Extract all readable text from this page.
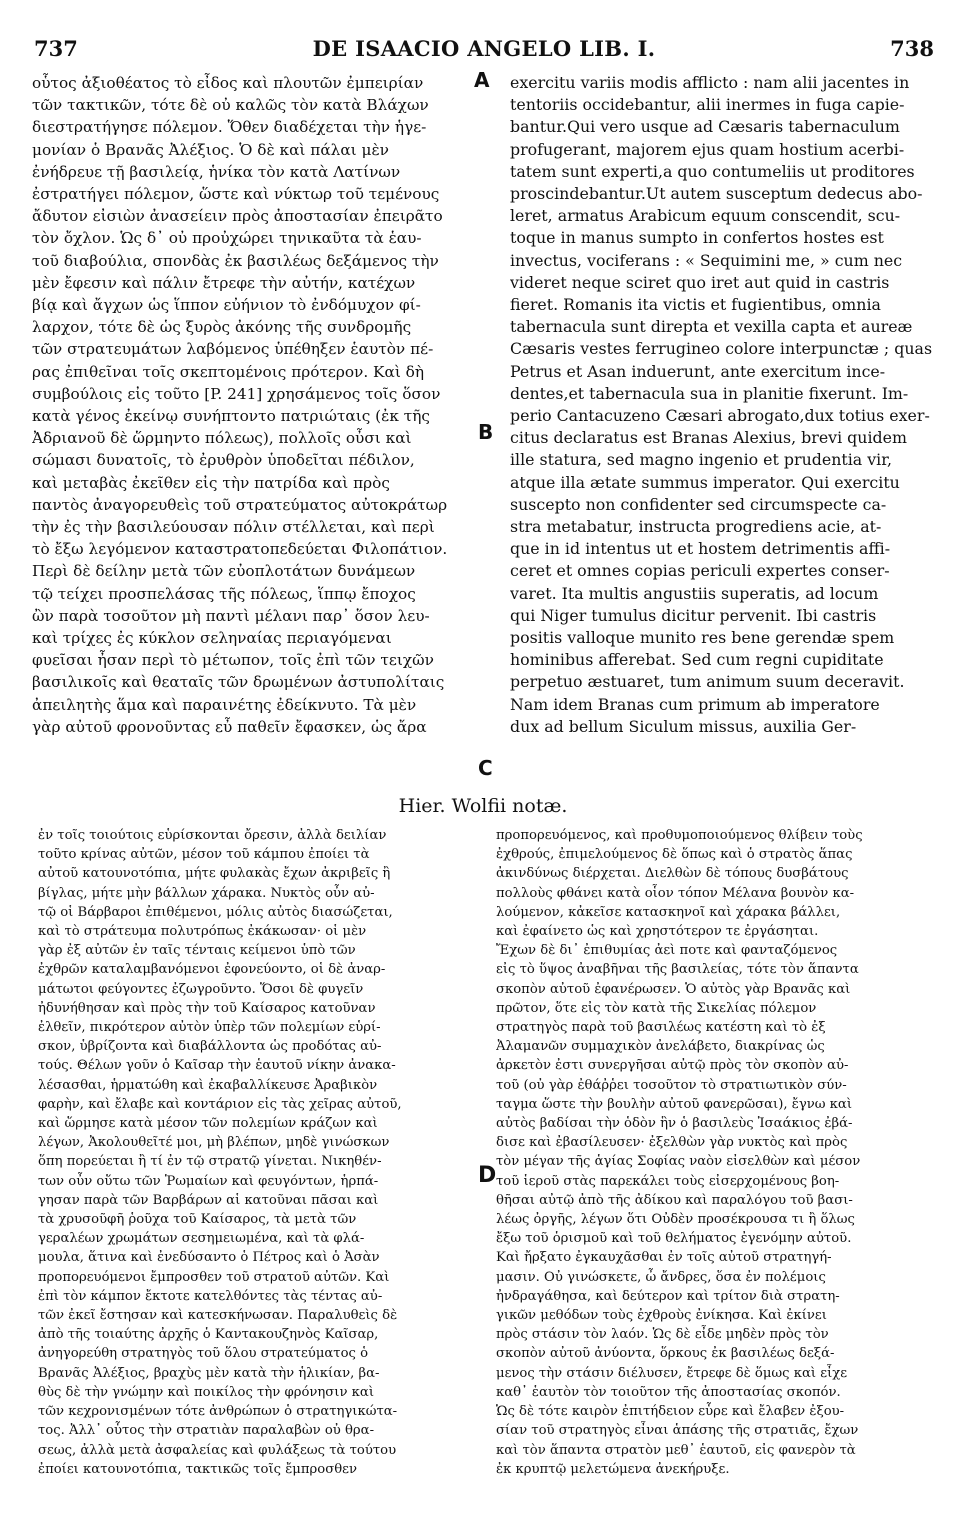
737	DE ISAACIO ANGELO LIB. I.	738
οὗτος ἀξιοθέατος τὸ εἶδος καὶ πλουτῶν ἐμπειρίαν
τῶν τακτικῶν, τότε δὲ οὐ καλῶς τὸν κατὰ Βλάχων
διεστρατήγησε πόλεμον. Ὅθεν διαδέχεται τὴν ἡγε-
μονίαν ὁ Βρανᾶς Ἀλέξιος. Ὁ δὲ καὶ πάλαι μὲν
ἐνήδρευε τῇ βασιλείᾳ, ἡνίκα τὸν κατὰ Λατίνων
ἐστρατήγει πόλεμον, ὥστε καὶ νύκτωρ τοῦ τεμένους
ἄδυτον εἰσιὼν ἀνασείειν πρὸς ἀποστασίαν ἐπειρᾶτο
τὸν ὄχλον. Ὡς δ᾽ οὐ προὐχώρει τηνικαῦτα τὰ ἑαυ-
τοῦ διαβούλια, σπονδὰς ἐκ βασιλέως δεξάμενος τὴν
μὲν ἔφεσιν καὶ πάλιν ἔτρεφε τὴν αὐτήν, κατέχων
βίᾳ καὶ ἄγχων ὡς ἵππον εὐήνιον τὸ ἐνδόμυχον φί-
λαρχον, τότε δὲ ὡς ξυρὸς ἀκόνης τῆς συνδρομῆς
τῶν στρατευμάτων λαβόμενος ὑπέθηξεν ἑαυτὸν πέ-
ρας ἐπιθεῖναι τοῖς σκεπτομένοις πρότερον. Καὶ δὴ
συμβούλοις εἰς τοῦτο [P. 241] χρησάμενος τοῖς ὅσον
κατὰ γένος ἐκείνῳ συνήπτοντο πατριώταις (ἐκ τῆς
Ἀδριανοῦ δὲ ὥρμηντο πόλεως), πολλοῖς οὖσι καὶ
σώμασι δυνατοῖς, τὸ ἐρυθρὸν ὑποδεῖται πέδιλον,
καὶ μεταβὰς ἐκεῖθεν εἰς τὴν πατρίδα καὶ πρὸς
παντὸς ἀναγορευθεὶς τοῦ στρατεύματος αὐτοκράτωρ
τὴν ἐς τὴν βασιλεύουσαν πόλιν στέλλεται, καὶ περὶ
τὸ ἔξω λεγόμενον καταστρατοπεδεύεται Φιλοπάτιον.
Περὶ δὲ δείλην μετὰ τῶν εὐοπλοτάτων δυνάμεων
τῷ τείχει προσπελάσας τῆς πόλεως, ἵππῳ ἔποχος
ὢν παρὰ τοσοῦτον μὴ παντὶ μέλανι παρ᾽ ὅσον λευ-
καὶ τρίχες ἐς κύκλον σεληναίας περιαγόμεναι
φυεῖσαι ἦσαν περὶ τὸ μέτωπον, τοῖς ἐπὶ τῶν τειχῶν
βασιλικοῖς καὶ θεαταῖς τῶν δρωμένων ἀστυπολίταις
ἀπειλητὴς ἅμα καὶ παραινέτης ἐδείκνυτο. Τὰ μὲν
γὰρ αὐτοῦ φρονοῦντας εὖ παθεῖν ἔφασκεν, ὡς ἄρα
A
B
C
exercitu variis modis afflicto : nam alii jacentes in
tentoriis occidebantur, alii inermes in fuga capie-
bantur.Qui vero usque ad Cæsaris tabernaculum
profugerant, majorem ejus quam hostium acerbi-
tatem sunt experti,a quo contumeliis ut proditores
proscindebantur.Ut autem susceptum dedecus abo-
leret, armatus Arabicum equum conscendit, scu-
toque in manus sumpto in confertos hostes est
invectus, vociferans : « Sequimini me, » cum nec
videret neque sciret quo iret aut quid in castris
fieret. Romanis ita victis et fugientibus, omnia
tabernacula sunt direpta et vexilla capta et aureæ
Cæsaris vestes ferrugineo colore interpunctæ ; quas
Petrus et Asan induerunt, ante exercitum ince-
dentes,et tabernacula sua in planitie fixerunt. Im-
perio Cantacuzeno Cæsari abrogato,dux totius exer-
citus declaratus est Branas Alexius, brevi quidem
ille statura, sed magno ingenio et prudentia vir,
atque illa ætate summus imperator. Qui exercitu
suscepto non confidenter sed circumspecte ca-
stra metabatur, instructa progrediens acie, at-
que in id intentus ut et hostem detrimentis affi-
ceret et omnes copias periculi expertes conser-
varet. Ita multis angustiis superatis, ad locum
qui Niger tumulus dicitur pervenit. Ibi castris
positis valloque munito res bene gerendæ spem
hominibus afferebat. Sed cum regni cupiditate
perpetuo æstuaret, tum animum suum deceravit.
Nam idem Branas cum primum ab imperatore
dux ad bellum Siculum missus, auxilia Ger-
Hier. Wolfii notæ.
ἐν τοῖς τοιούτοις εὑρίσκονται ὄρεσιν, ἀλλὰ δειλίαν
τοῦτο κρίνας αὐτῶν, μέσον τοῦ κάμπου ἐποίει τὰ
αὐτοῦ κατουνοτόπια, μήτε φυλακὰς ἔχων ἀκριβεῖς ἢ
βίγλας, μήτε μὴν βάλλων χάρακα. Νυκτὸς οὖν αὐ-
τῷ οἱ Βάρβαροι ἐπιθέμενοι, μόλις αὐτὸς διασώζεται,
καὶ τὸ στράτευμα πολυτρόπως ἐκάκωσαν· οἱ μὲν
γὰρ ἐξ αὐτῶν ἐν ταῖς τένταις κείμενοι ὑπὸ τῶν
ἐχθρῶν καταλαμβανόμενοι ἐφονεύοντο, οἱ δὲ ἀναρ-
μάτωτοι φεύγοντες ἐζωγροῦντο. Ὅσοι δὲ φυγεῖν
ἠδυνήθησαν καὶ πρὸς τὴν τοῦ Καίσαρος κατοῦναν
ἐλθεῖν, πικρότερον αὐτὸν ὑπὲρ τῶν πολεμίων εὑρί-
σκον, ὑβρίζοντα καὶ διαβάλλοντα ὡς προδότας αὐ-
τούς. Θέλων γοῦν ὁ Καῖσαρ τὴν ἑαυτοῦ νίκην ἀνακα-
λέσασθαι, ἡρματώθη καὶ ἐκαβαλλίκευσε Ἀραβικὸν
φαρὴν, καὶ ἔλαβε καὶ κοντάριον εἰς τὰς χεῖρας αὐτοῦ,
καὶ ὥρμησε κατὰ μέσον τῶν πολεμίων κράζων καὶ
λέγων, Ἀκολουθεῖτέ μοι, μὴ βλέπων, μηδὲ γινώσκων
ὅπη πορεύεται ἢ τί ἐν τῷ στρατῷ γίνεται. Νικηθέν-
των οὖν οὕτω τῶν Ῥωμαίων καὶ φευγόντων, ἡρπά-
γησαν παρὰ τῶν Βαρβάρων αἱ κατοῦναι πᾶσαι καὶ
τὰ χρυσοῦφῆ ῥοῦχα τοῦ Καίσαρος, τὰ μετὰ τῶν
γεραλέων χρωμάτων σεσημειωμένα, καὶ τὰ φλά-
μουλα, ἅτινα καὶ ἐνεδύσαντο ὁ Πέτρος καὶ ὁ Ἀσὰν
προπορευόμενοι ἔμπροσθεν τοῦ στρατοῦ αὐτῶν. Καὶ
ἐπὶ τὸν κάμπον ἔκτοτε κατελθόντες τὰς τέντας αὐ-
τῶν ἐκεῖ ἔστησαν καὶ κατεσκήνωσαν. Παραλυθεὶς δὲ
ἀπὸ τῆς τοιαύτης ἀρχῆς ὁ Καντακουζηνὸς Καῖσαρ,
ἀνηγορεύθη στρατηγὸς τοῦ ὅλου στρατεύματος ὁ
Βρανᾶς Ἀλέξιος, βραχὺς μὲν κατὰ τὴν ἡλικίαν, βα-
θὺς δὲ τὴν γνώμην καὶ ποικίλος τὴν φρόνησιν καὶ
τῶν κεχρονισμένων τότε ἀνθρώπων ὁ στρατηγικώτα-
τος. Ἀλλ᾽ οὗτος τὴν στρατιὰν παραλαβὼν οὐ θρα-
σεως, ἀλλὰ μετὰ ἀσφαλείας καὶ φυλάξεως τὰ τούτου
ἐποίει κατουνοτόπια, τακτικῶς τοῖς ἔμπροσθεν
D
προπορευόμενος, καὶ προθυμοποιούμενος θλίβειν τοὺς
ἐχθρούς, ἐπιμελούμενος δὲ ὅπως καὶ ὁ στρατὸς ἅπας
ἀκινδύνως διέρχεται. Διελθὼν δὲ τόπους δυσβάτους
πολλοὺς φθάνει κατὰ οἷον τόπον Μέλανα βουνὸν κα-
λούμενον, κἀκεῖσε κατασκηνοῖ καὶ χάρακα βάλλει,
καὶ ἐφαίνετο ὡς καὶ χρηστότερον τε ἐργάσηται.
Ἔχων δὲ δι᾽ ἐπιθυμίας ἀεὶ ποτε καὶ φανταζόμενος
εἰς τὸ ὕψος ἀναβῆναι τῆς βασιλείας, τότε τὸν ἅπαντα
σκοπὸν αὐτοῦ ἐφανέρωσεν. Ὁ αὐτὸς γὰρ Βρανᾶς καὶ
πρῶτον, ὅτε εἰς τὸν κατὰ τῆς Σικελίας πόλεμον
στρατηγὸς παρὰ τοῦ βασιλέως κατέστη καὶ τὸ ἐξ
Ἀλαμανῶν συμμαχικὸν ἀνελάβετο, διακρίνας ὡς
ἀρκετὸν ἐστι συνεργῆσαι αὐτῷ πρὸς τὸν σκοπὸν αὐ-
τοῦ (οὐ γὰρ ἐθάῤῥει τοσοῦτον τὸ στρατιωτικὸν σύν-
ταγμα ὥστε τὴν βουλὴν αὐτοῦ φανερῶσαι), ἔγνω καὶ
αὐτὸς βαδίσαι τὴν ὁδὸν ἣν ὁ βασιλεὺς Ἰσαάκιος ἐβά-
δισε καὶ ἐβασίλευσεν· ἐξελθὼν γὰρ νυκτὸς καὶ πρὸς
τὸν μέγαν τῆς ἁγίας Σοφίας ναὸν εἰσελθὼν καὶ μέσον
τοῦ ἱεροῦ στὰς παρεκάλει τοὺς εἰσερχομένους βοη-
θῆσαι αὐτῷ ἀπὸ τῆς ἀδίκου καὶ παραλόγου τοῦ βασι-
λέως ὀργῆς, λέγων ὅτι Οὐδὲν προσέκρουσα τι ἢ ὅλως
ἔξω τοῦ ὁρισμοῦ καὶ τοῦ θελήματος ἐγενόμην αὐτοῦ.
Καὶ ἤρξατο ἐγκαυχᾶσθαι ἐν τοῖς αὐτοῦ στρατηγή-
μασιν. Οὐ γινώσκετε, ὦ ἄνδρες, ὅσα ἐν πολέμοις
ἠνδραγάθησα, καὶ δεύτερον καὶ τρίτον διὰ στρατη-
γικῶν μεθόδων τοὺς ἐχθροὺς ἐνίκησα. Καὶ ἐκίνει
πρὸς στάσιν τὸν λαόν. Ὡς δὲ εἶδε μηδὲν πρὸς τὸν
σκοπὸν αὐτοῦ ἀνύοντα, ὅρκους ἐκ βασιλέως δεξά-
μενος τὴν στάσιν διέλυσεν, ἔτρεφε δὲ ὅμως καὶ εἶχε
καθ᾽ ἑαυτὸν τὸν τοιοῦτον τῆς ἀποστασίας σκοπόν.
Ὡς δὲ τότε καιρὸν ἐπιτήδειον εὗρε καὶ ἔλαβεν ἐξου-
σίαν τοῦ στρατηγὸς εἶναι ἁπάσης τῆς στρατιᾶς, ἔχων
καὶ τὸν ἅπαντα στρατὸν μεθ᾽ ἑαυτοῦ, εἰς φανερὸν τὰ
ἐκ κρυπτῷ μελετώμενα ἀνεκήρυξε.
